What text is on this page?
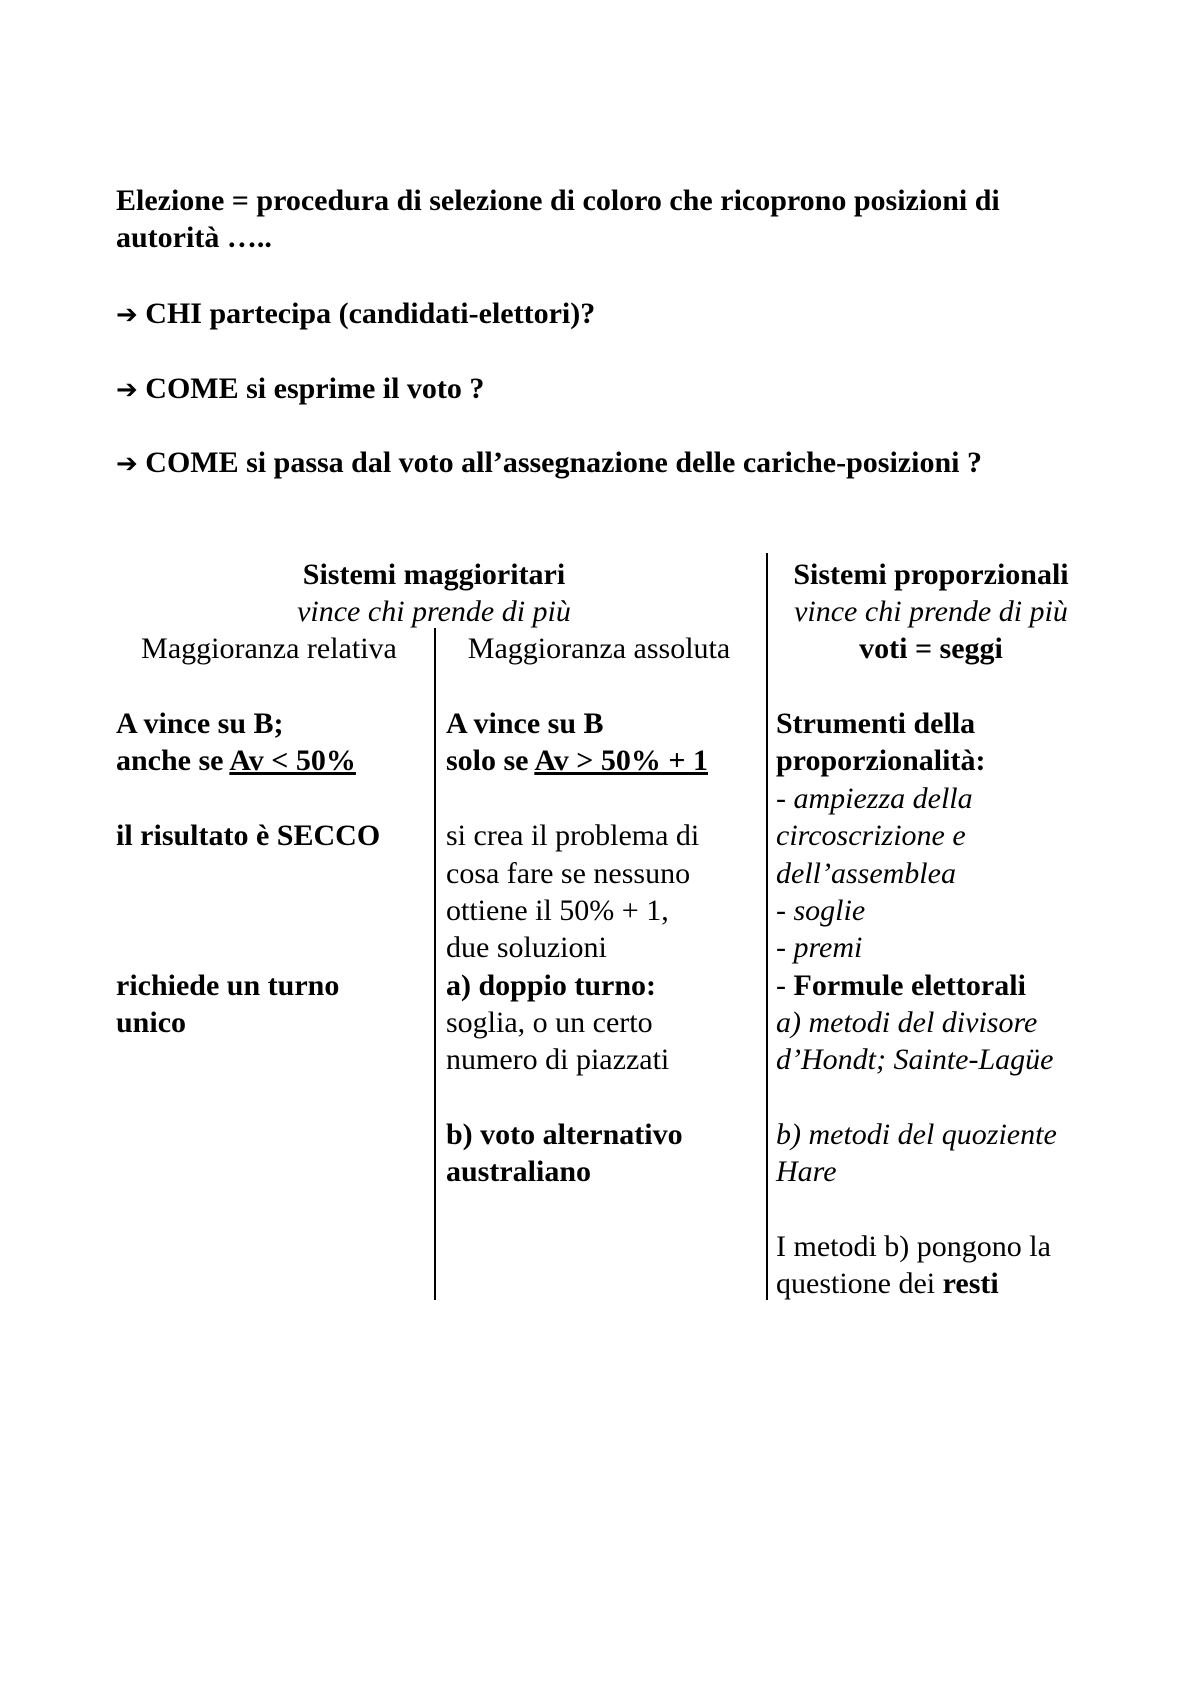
Elezione = procedura di selezione di coloro che ricoprono posizioni di
autorità …..
➔ CHI partecipa (candidati-elettori)?
➔ COME si esprime il voto ?
➔ COME si passa dal voto all’assegnazione delle cariche-posizioni ?
Sistemi maggioritari
vince chi prende di più
Sistemi proporzionali
vince chi prende di più
Maggioranza relativa	Maggioranza assoluta	voti = seggi
A vince su B;
anche se Av < 50%
il risultato è SECCO
richiede un turno
unico
A vince su B
solo se Av > 50% + 1
si crea il problema di
cosa fare se nessuno
ottiene il 50% + 1,
due soluzioni
a) doppio turno:
soglia, o un certo
numero di piazzati
b) voto alternativo
australiano
Strumenti della
proporzionalità:
- ampiezza della
circoscrizione e
dell’assemblea
- soglie
- premi
- Formule elettorali
a) metodi del divisore
d’Hondt; Sainte-Lagüe
b) metodi del quoziente
Hare
I metodi b) pongono la
questione dei resti
